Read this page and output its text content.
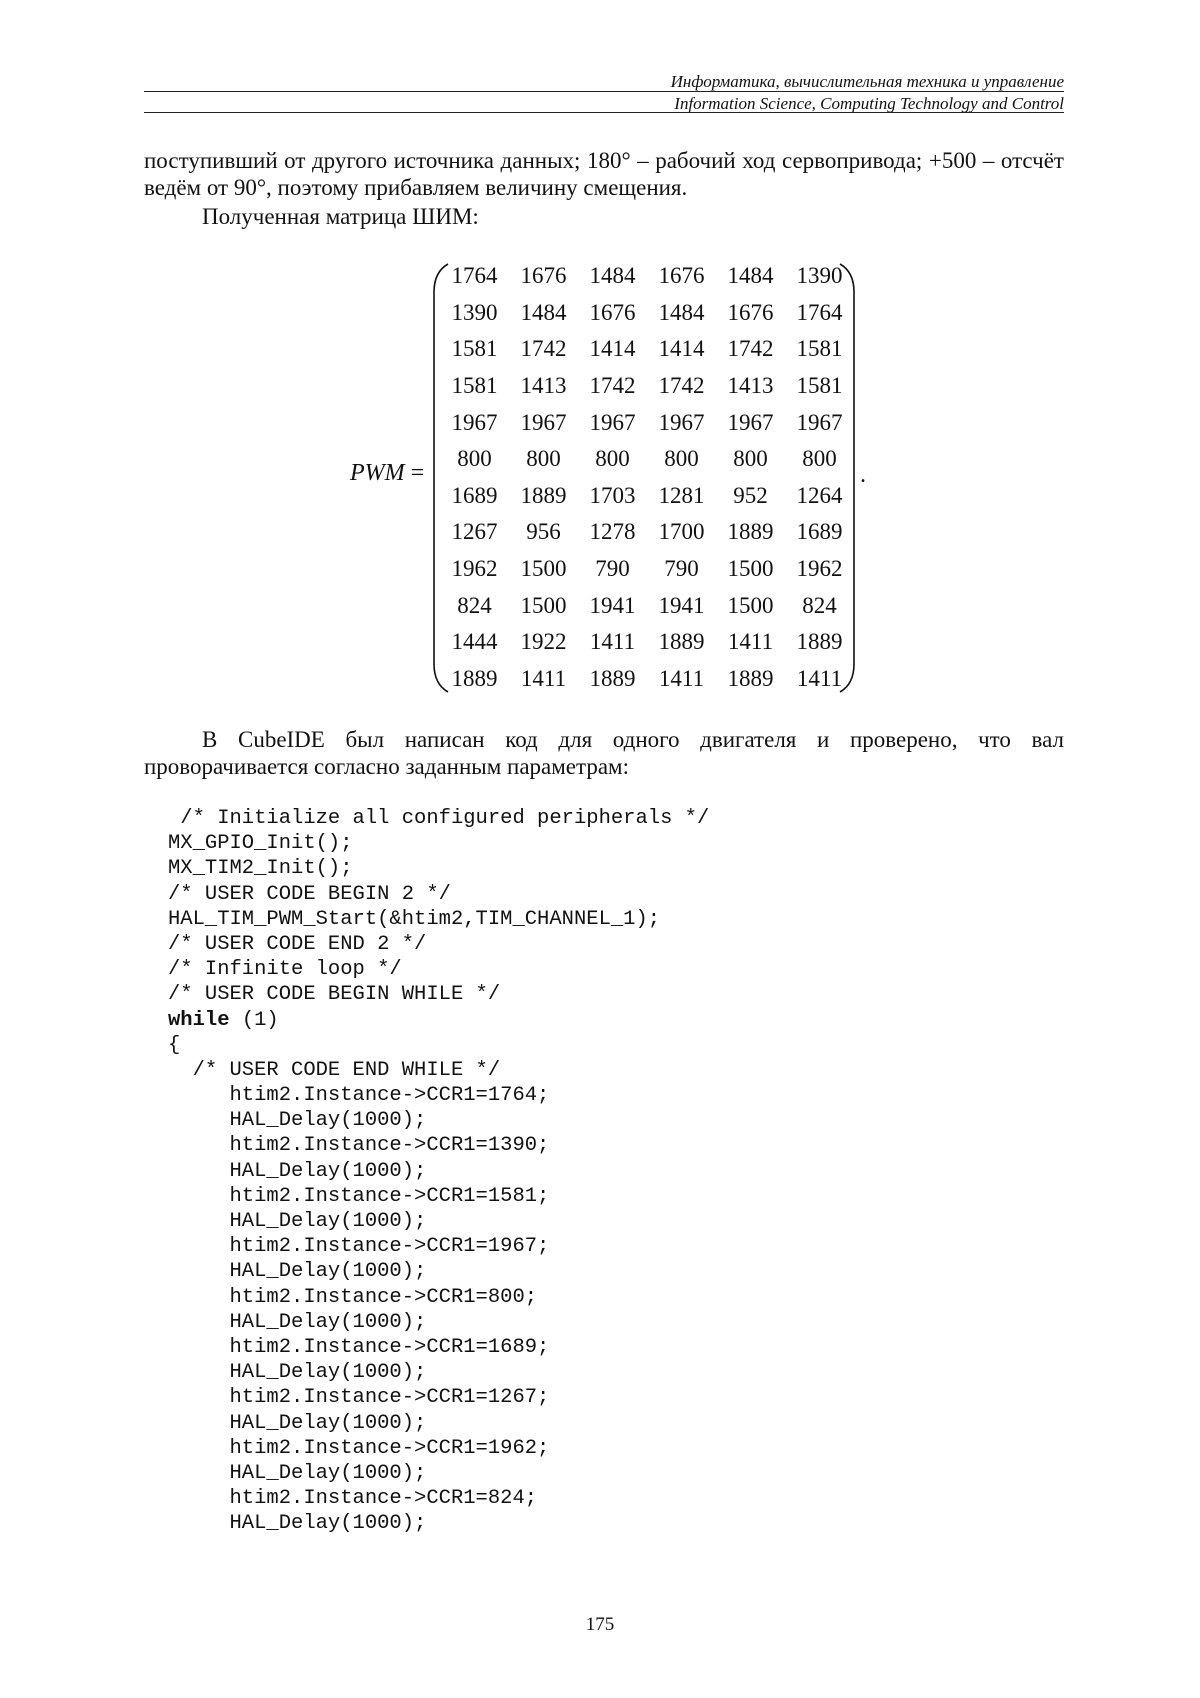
Информатика, вычислительная техника и управление
Information Science, Computing Technology and Control
поступивший от другого источника данных; 180° – рабочий ход сервопривода; +500 – отсчёт ведём от 90°, поэтому прибавляем величину смещения.
Полученная матрица ШИМ:
PWM =
1764	1676	1484	1676	1484	1390
1390	1484	1676	1484	1676	1764
1581	1742	1414	1414	1742	1581
1581	1413	1742	1742	1413	1581
1967	1967	1967	1967	1967	1967
800	800	800	800	800	800
1689	1889	1703	1281	952	1264
1267	956	1278	1700	1889	1689
1962	1500	790	790	1500	1962
824	1500	1941	1941	1500	824
1444	1922	1411	1889	1411	1889
1889	1411	1889	1411	1889	1411
.
В CubeIDE был написан код для одного двигателя и проверено, что вал проворачивается согласно заданным параметрам:
/* Initialize all configured peripherals */
MX_GPIO_Init();
MX_TIM2_Init();
/* USER CODE BEGIN 2 */
HAL_TIM_PWM_Start(&htim2,TIM_CHANNEL_1);
/* USER CODE END 2 */
/* Infinite loop */
/* USER CODE BEGIN WHILE */
while (1)
{
/* USER CODE END WHILE */
htim2.Instance->CCR1=1764;
HAL_Delay(1000);
htim2.Instance->CCR1=1390;
HAL_Delay(1000);
htim2.Instance->CCR1=1581;
HAL_Delay(1000);
htim2.Instance->CCR1=1967;
HAL_Delay(1000);
htim2.Instance->CCR1=800;
HAL_Delay(1000);
htim2.Instance->CCR1=1689;
HAL_Delay(1000);
htim2.Instance->CCR1=1267;
HAL_Delay(1000);
htim2.Instance->CCR1=1962;
HAL_Delay(1000);
htim2.Instance->CCR1=824;
HAL_Delay(1000);
175
